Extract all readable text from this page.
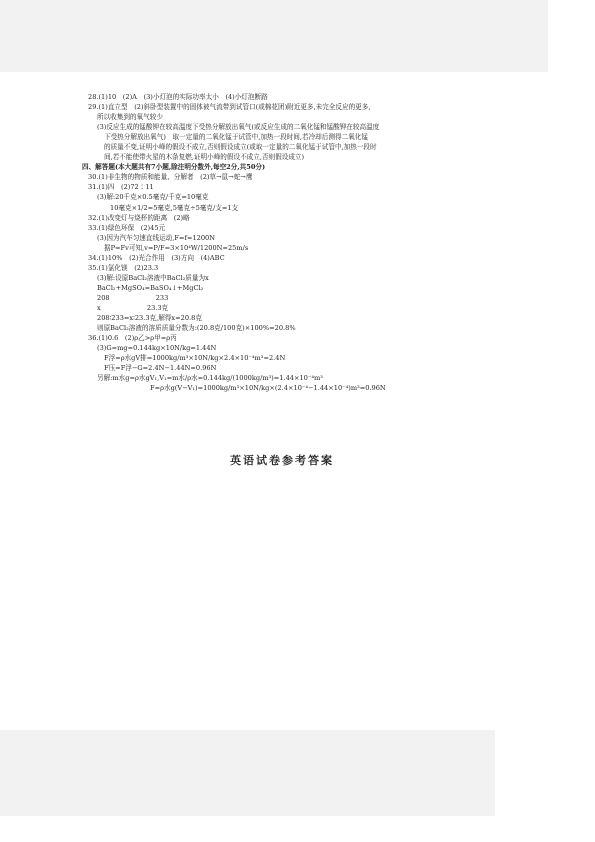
28.(1)10　(2)A　(3)小灯泡的实际功率太小　(4)小灯泡断路
29.(1)直立型　(2)斜卧型装置中的固体被气流带到试管口(或棉花团)附近更多,未完全反应的更多,
所以收集到的氧气较少
(3)反应生成的锰酸钾在较高温度下受热分解放出氧气(或反应生成的二氧化锰和锰酸钾在较高温度
下受热分解放出氧气)　取一定量的二氧化锰于试管中,加热一段时间,若冷却后测得二氧化锰
的质量不变,证明小峰的假设不成立,否则假设成立(或取一定量的二氧化锰于试管中,加热一段时
间,若不能使带火星的木条复燃,证明小峰的假设不成立,否则假设成立)
四、解答题(本大题共有7小题,除注明分数外,每空2分,共50分)
30.(1)非生物的物质和能量、分解者　(2)草→鼠→蛇→鹰
31.(1)四　(2)72∶11
(3)解:20千克×0.5毫克/千克=10毫克
10毫克×1/2=5毫克,5毫克÷5毫克/支=1支
32.(1)改变灯与烧杯的距离　(2)略
33.(1)绿色环保　(2)45元
(3)因为汽车匀速直线运动,F=f=1200N
据P=Fv可知,v=P/F=3×10⁴W/1200N=25m/s
34.(1)10%　(2)光合作用　(3)方向　(4)ABC
35.(1)氯化镁　(2)23.3
(3)解:设原BaCl₂溶液中BaCl₂质量为x
BaCl₂+MgSO₄=BaSO₄↓+MgCl₂
208　　　　　　　233
x　　　　　　　23.3克
208∶233=x∶23.3克,解得x=20.8克
则原BaCl₂溶液的溶质质量分数为:(20.8克/100克)×100%=20.8%
36.(1)0.6　(2)ρ乙>ρ甲=ρ丙
(3)G=mg=0.144kg×10N/kg=1.44N
F浮=ρ水gV排=1000kg/m³×10N/kg×2.4×10⁻⁴m³=2.4N
F压=F浮−G=2.4N−1.44N=0.96N
另解:m水g=ρ水gV₁,V₁=m水/ρ水=0.144kg/(1000kg/m³)=1.44×10⁻⁴m³
F=ρ水g(V−V₁)=1000kg/m³×10N/kg×(2.4×10⁻⁴−1.44×10⁻⁴)m³=0.96N
英语试卷参考答案
